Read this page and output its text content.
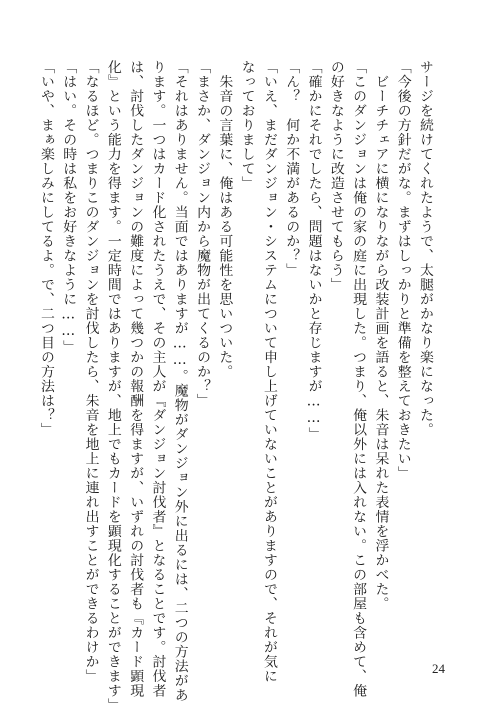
サージを続けてくれたようで、太腿がかなり楽になった。
「今後の方針だがな。まずはしっかりと準備を整えておきたい」
　ビーチチェアに横になりながら改装計画を語ると、朱音は呆れた表情を浮かべた。
「このダンジョンは俺の家の庭に出現した。つまり、俺以外には入れない。この部屋も含めて、俺
の好きなように改造させてもらう」
「確かにそれでしたら、問題はないかと存じますが……」
「ん？　何か不満があるのか？」
「いえ、まだダンジョン・システムについて申し上げていないことがありますので、それが気に
なっておりまして」
　朱音の言葉に、俺はある可能性を思いついた。
「まさか、ダンジョン内から魔物が出てくるのか？」
「それはありません。当面ではありますが……。魔物がダンジョン外に出るには、二つの方法があ
ります。一つはカード化されたうえで、その主人が『ダンジョン討伐者』となることです。討伐者
は、討伐したダンジョンの難度によって幾つかの報酬を得ますが、いずれの討伐者も『カード顕現
化』という能力を得ます。一定時間ではありますが、地上でもカードを顕現化することができます」
「なるほど。つまりこのダンジョンを討伐したら、朱音を地上に連れ出すことができるわけか」
「はい。その時は私をお好きなように……」
「いや、まぁ楽しみにしてるよ。で、二つ目の方法は？」
24
